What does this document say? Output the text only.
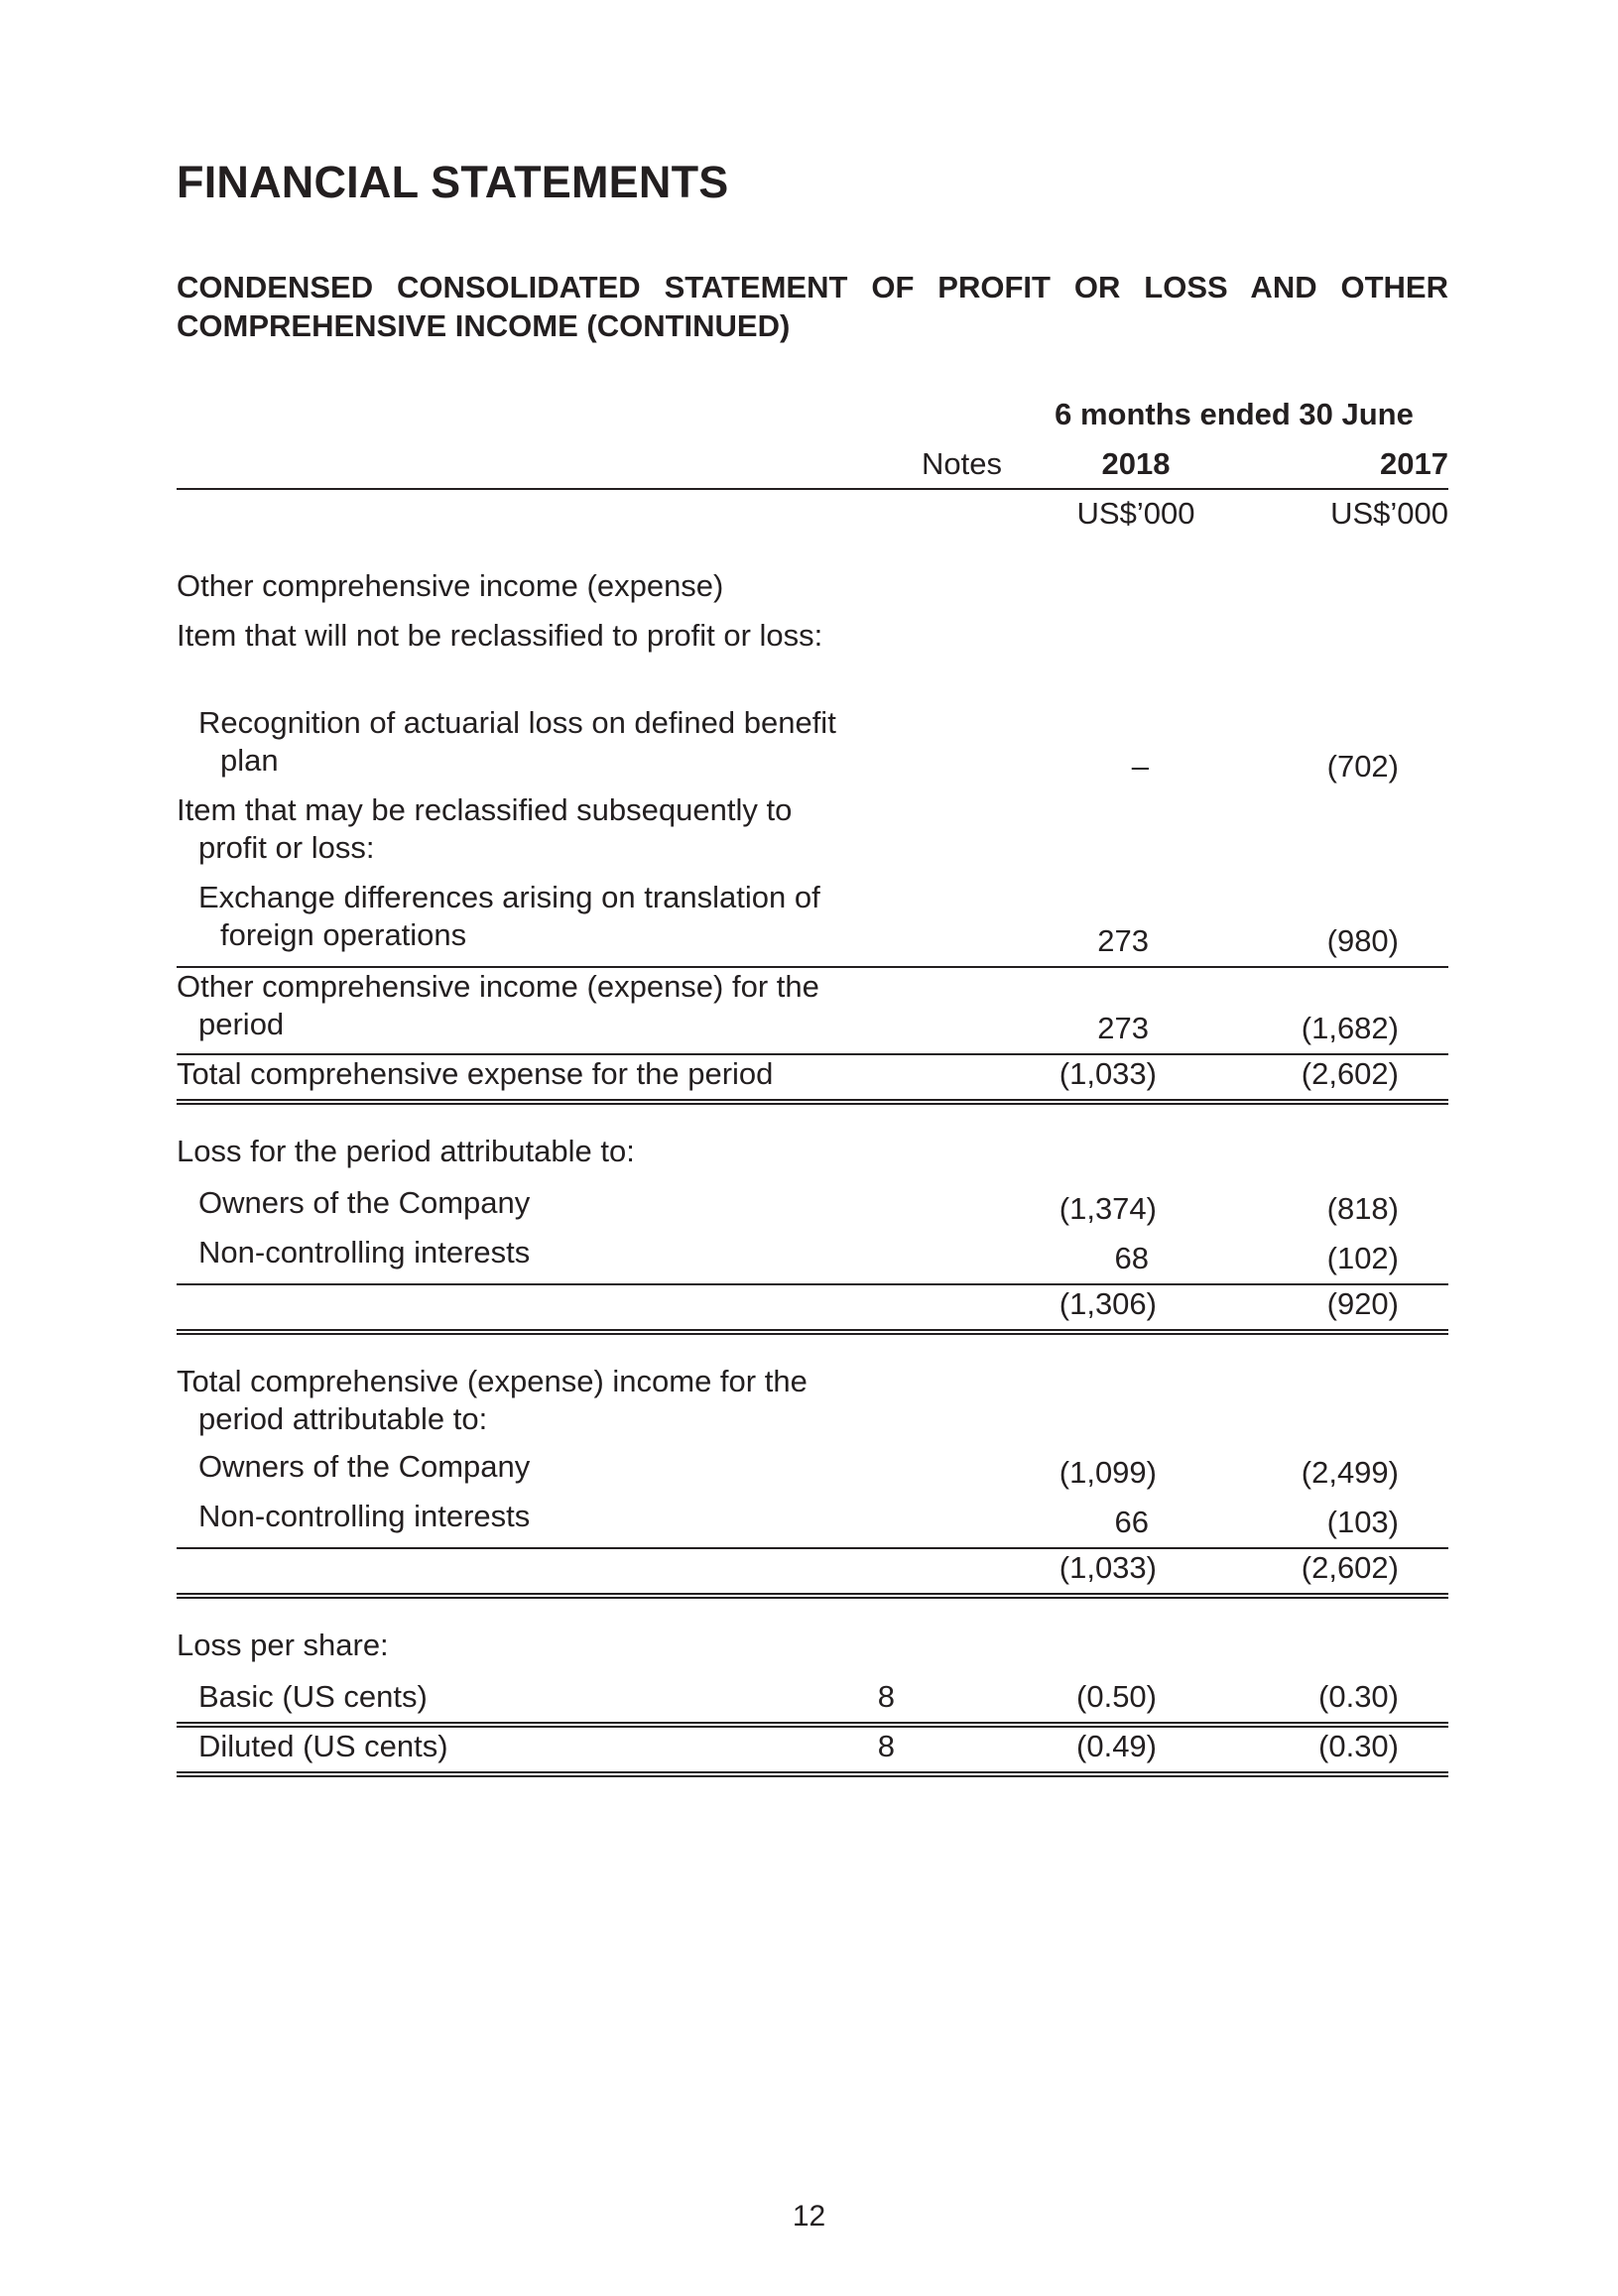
FINANCIAL STATEMENTS
CONDENSED CONSOLIDATED STATEMENT OF PROFIT OR LOSS AND OTHER
COMPREHENSIVE INCOME (CONTINUED)
6 months ended 30 June
Notes	2018	2017
US$’000	US$’000
Other comprehensive income (expense)
Item that will not be reclassified to profit or loss:
Recognition of actuarial loss on defined benefit plan	–	(702)
Item that may be reclassified subsequently to profit or loss:
Exchange differences arising on translation of foreign operations	273	(980)
Other comprehensive income (expense) for the period	273	(1,682)
Total comprehensive expense for the period	(1,033)	(2,602)
Loss for the period attributable to:
Owners of the Company	(1,374)	(818)
Non-controlling interests	68	(102)
(1,306)	(920)
Total comprehensive (expense) income for the period attributable to:
Owners of the Company	(1,099)	(2,499)
Non-controlling interests	66	(103)
(1,033)	(2,602)
Loss per share:
Basic (US cents)	8	(0.50)	(0.30)
Diluted (US cents)	8	(0.49)	(0.30)
12
